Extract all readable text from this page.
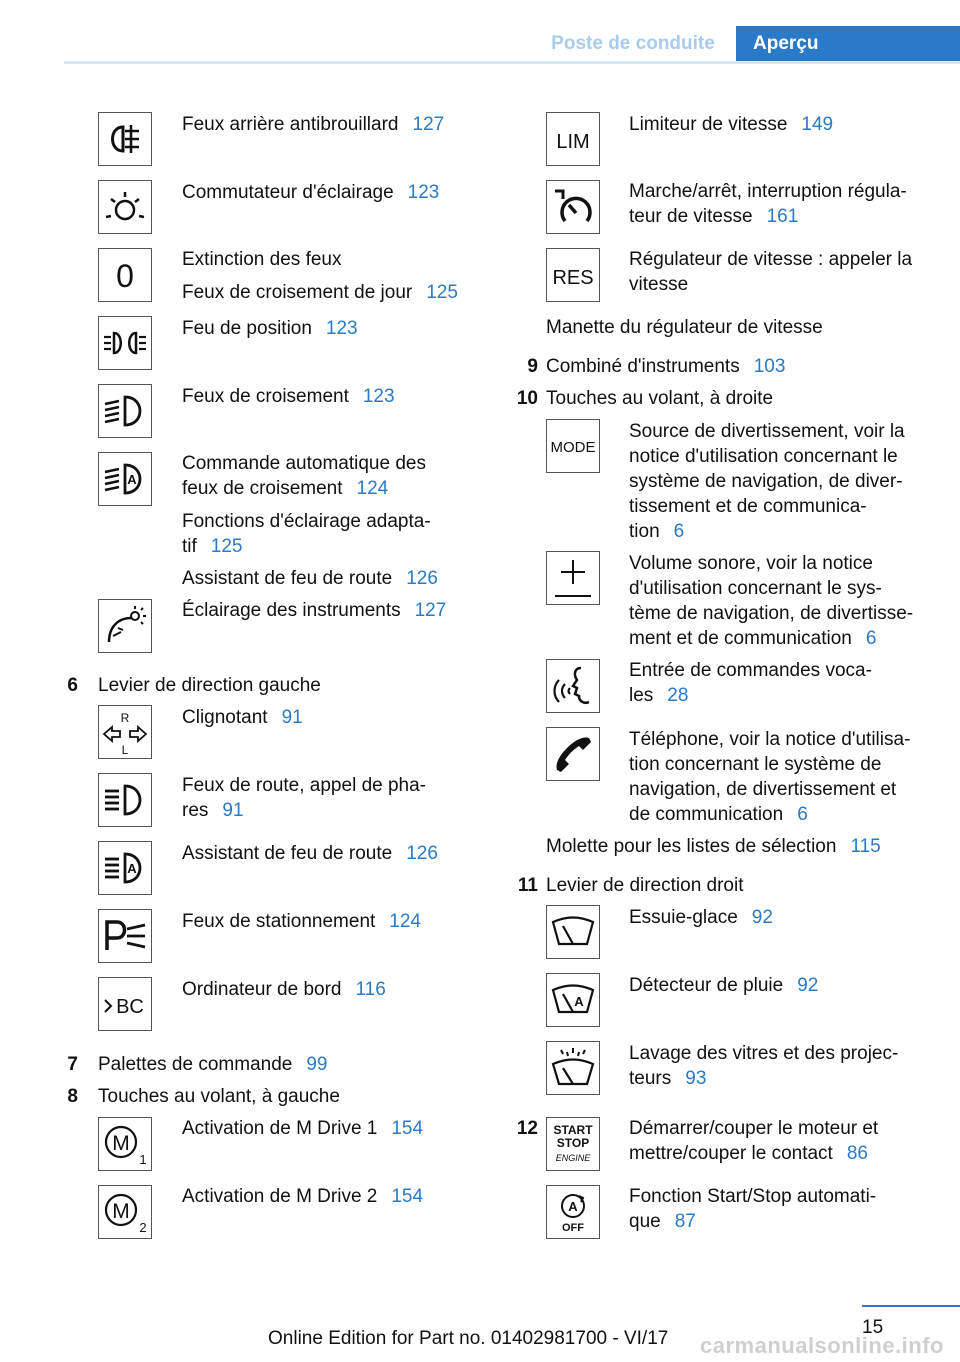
Poste de conduite	Aperçu
Feux arrière antibrouillard 127
Commutateur d'éclairage 123
0	Extinction des feux
Feux de croisement de jour 125
Feu de position 123
Feux de croisement 123
A
Commande automatique des
feux de croisement 124
Fonctions d'éclairage adapta-
tif 125
Assistant de feu de route 126
Éclairage des instruments 127
6 Levier de direction gauche
R
L
Clignotant 91
Feux de route, appel de pha-
res 91
A
Assistant de feu de route 126
Feux de stationnement 124
BC
Ordinateur de bord 116
7 Palettes de commande 99
8 Touches au volant, à gauche
M
1
Activation de M Drive 1 154
M
2
Activation de M Drive 2 154
LIM
Limiteur de vitesse 149
Marche/arrêt, interruption régula-
teur de vitesse 161
RES
Régulateur de vitesse : appeler la
vitesse
Manette du régulateur de vitesse
9 Combiné d'instruments 103
10 Touches au volant, à droite
MODE
Source de divertissement, voir la
notice d'utilisation concernant le
système de navigation, de diver-
tissement et de communica-
tion 6
Volume sonore, voir la notice
d'utilisation concernant le sys-
tème de navigation, de divertisse-
ment et de communication 6
Entrée de commandes voca-
les 28
Téléphone, voir la notice d'utilisa-
tion concernant le système de
navigation, de divertissement et
de communication 6
Molette pour les listes de sélection 115
11 Levier de direction droit
Essuie-glace 92
A
Détecteur de pluie 92
Lavage des vitres et des projec-
teurs 93
12 START
STOP
ENGINE
Démarrer/couper le moteur et
mettre/couper le contact 86
A
OFF
Fonction Start/Stop automati-
que 87
15
Online Edition for Part no. 01402981700 - VI/17 carmanualsonline.info
